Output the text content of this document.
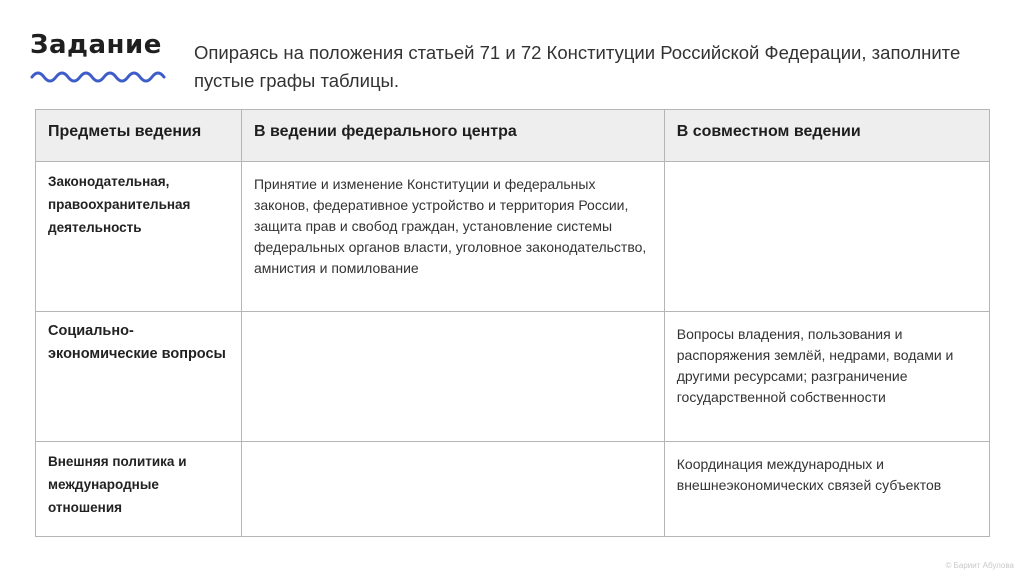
Задание	Опираясь на положения статьей 71 и 72 Конституции Российской Федерации, заполните пустые графы таблицы.
Предметы ведения	В ведении федерального центра	В совместном ведении
Законодательная, правоохранительная деятельность	Принятие и изменение Конституции и федеральных законов, федеративное устройство и территория России, защита прав и свобод граждан, установление системы федеральных органов власти, уголовное законодательство, амнистия и помилование	
Социально-экономические вопросы		Вопросы владения, пользования и распоряжения землёй, недрами, водами и другими ресурсами; разграничение государственной собственности
Внешняя политика и международные отношения		Координация международных и внешнеэкономических связей субъектов
© Бариит Абулова
